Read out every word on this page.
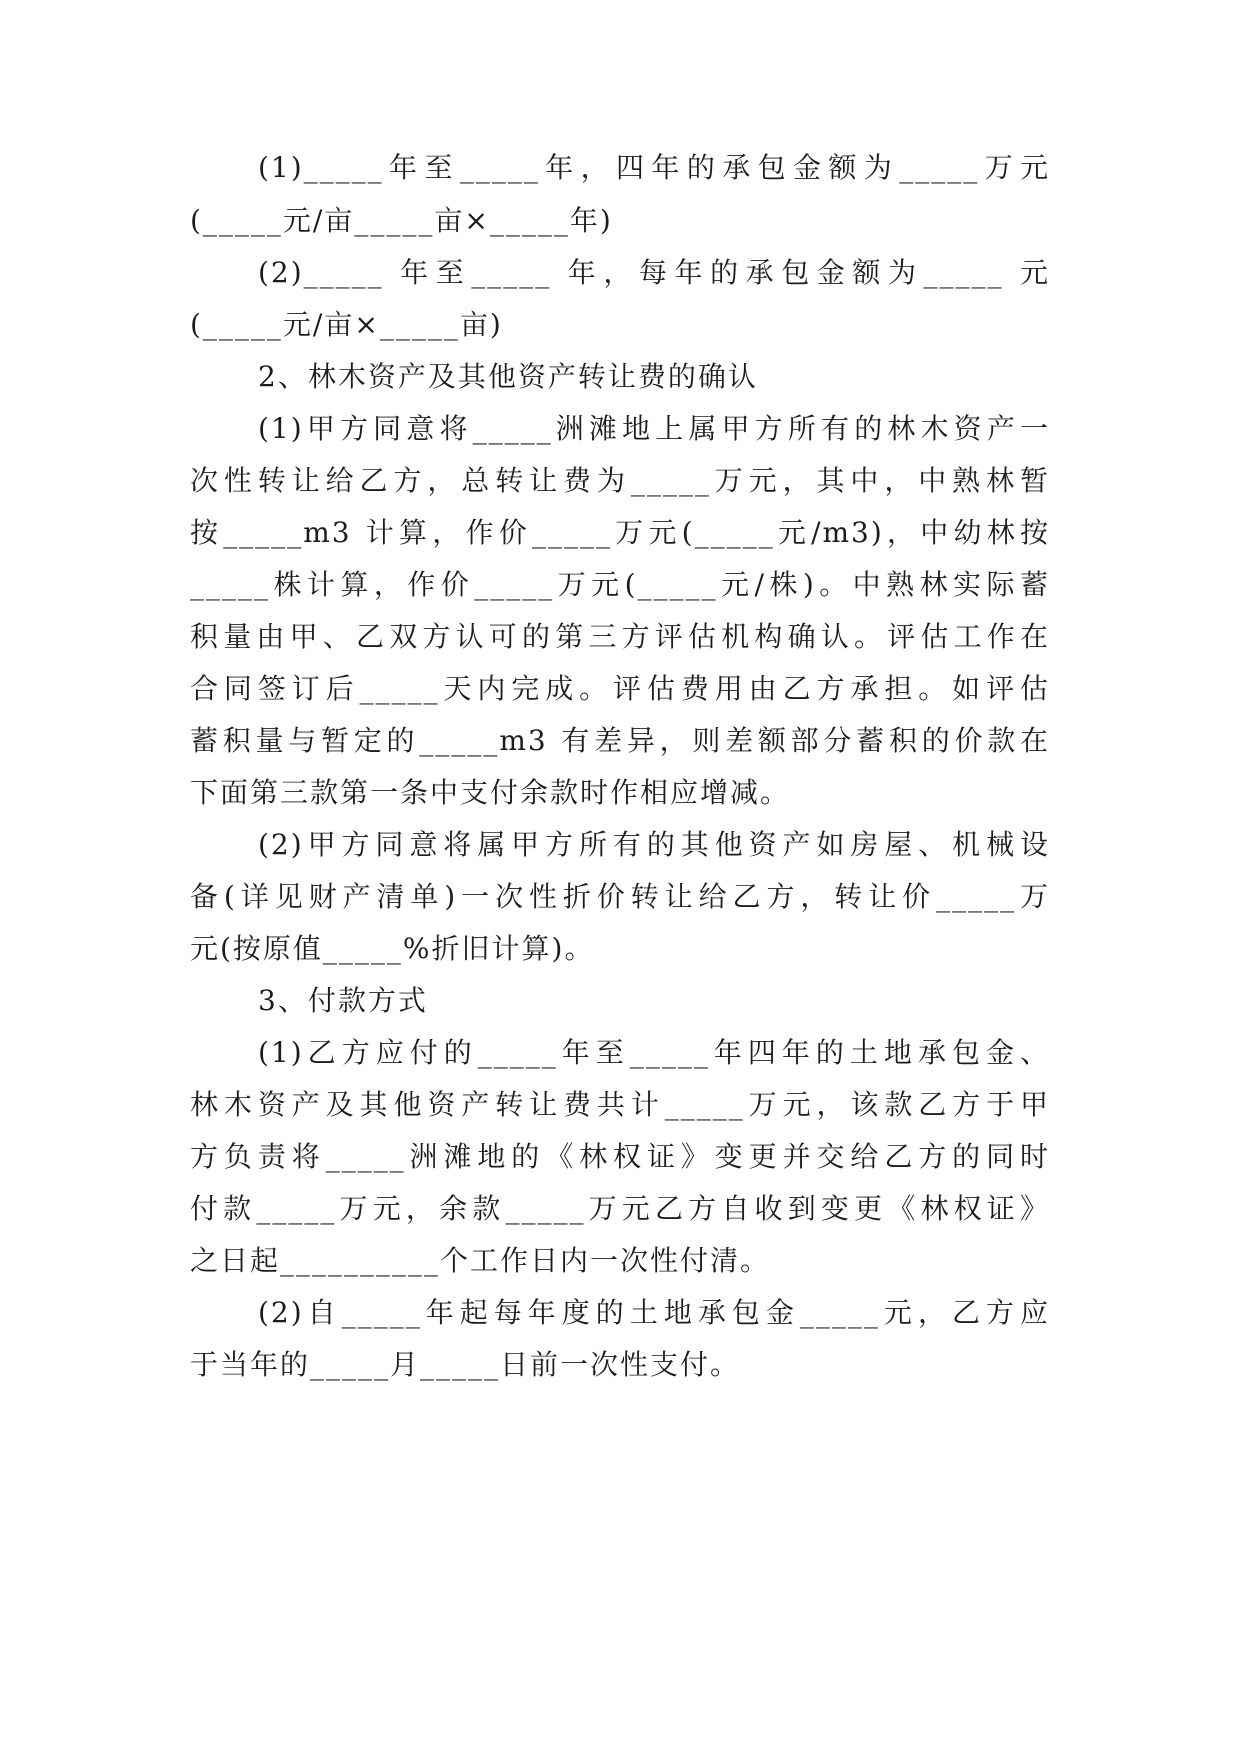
(1)_____年至_____年，四年的承包金额为_____万元
(_____元/亩_____亩×_____年)
(2)_____ 年至_____ 年，每年的承包金额为_____ 元
(_____元/亩×_____亩)
2、林木资产及其他资产转让费的确认
(1)甲方同意将_____洲滩地上属甲方所有的林木资产一
次性转让给乙方，总转让费为_____万元，其中，中熟林暂
按_____m3 计算，作价_____万元(_____元/m3)，中幼林按
_____株计算，作价_____万元(_____元/株)。中熟林实际蓄
积量由甲、乙双方认可的第三方评估机构确认。评估工作在
合同签订后_____天内完成。评估费用由乙方承担。如评估
蓄积量与暂定的_____m3 有差异，则差额部分蓄积的价款在
下面第三款第一条中支付余款时作相应增减。
(2)甲方同意将属甲方所有的其他资产如房屋、机械设
备(详见财产清单)一次性折价转让给乙方，转让价_____万
元(按原值_____%折旧计算)。
3、付款方式
(1)乙方应付的_____年至_____年四年的土地承包金、
林木资产及其他资产转让费共计_____万元，该款乙方于甲
方负责将_____洲滩地的《林权证》变更并交给乙方的同时
付款_____万元，余款_____万元乙方自收到变更《林权证》
之日起__________个工作日内一次性付清。
(2)自_____年起每年度的土地承包金_____元，乙方应
于当年的_____月_____日前一次性支付。
